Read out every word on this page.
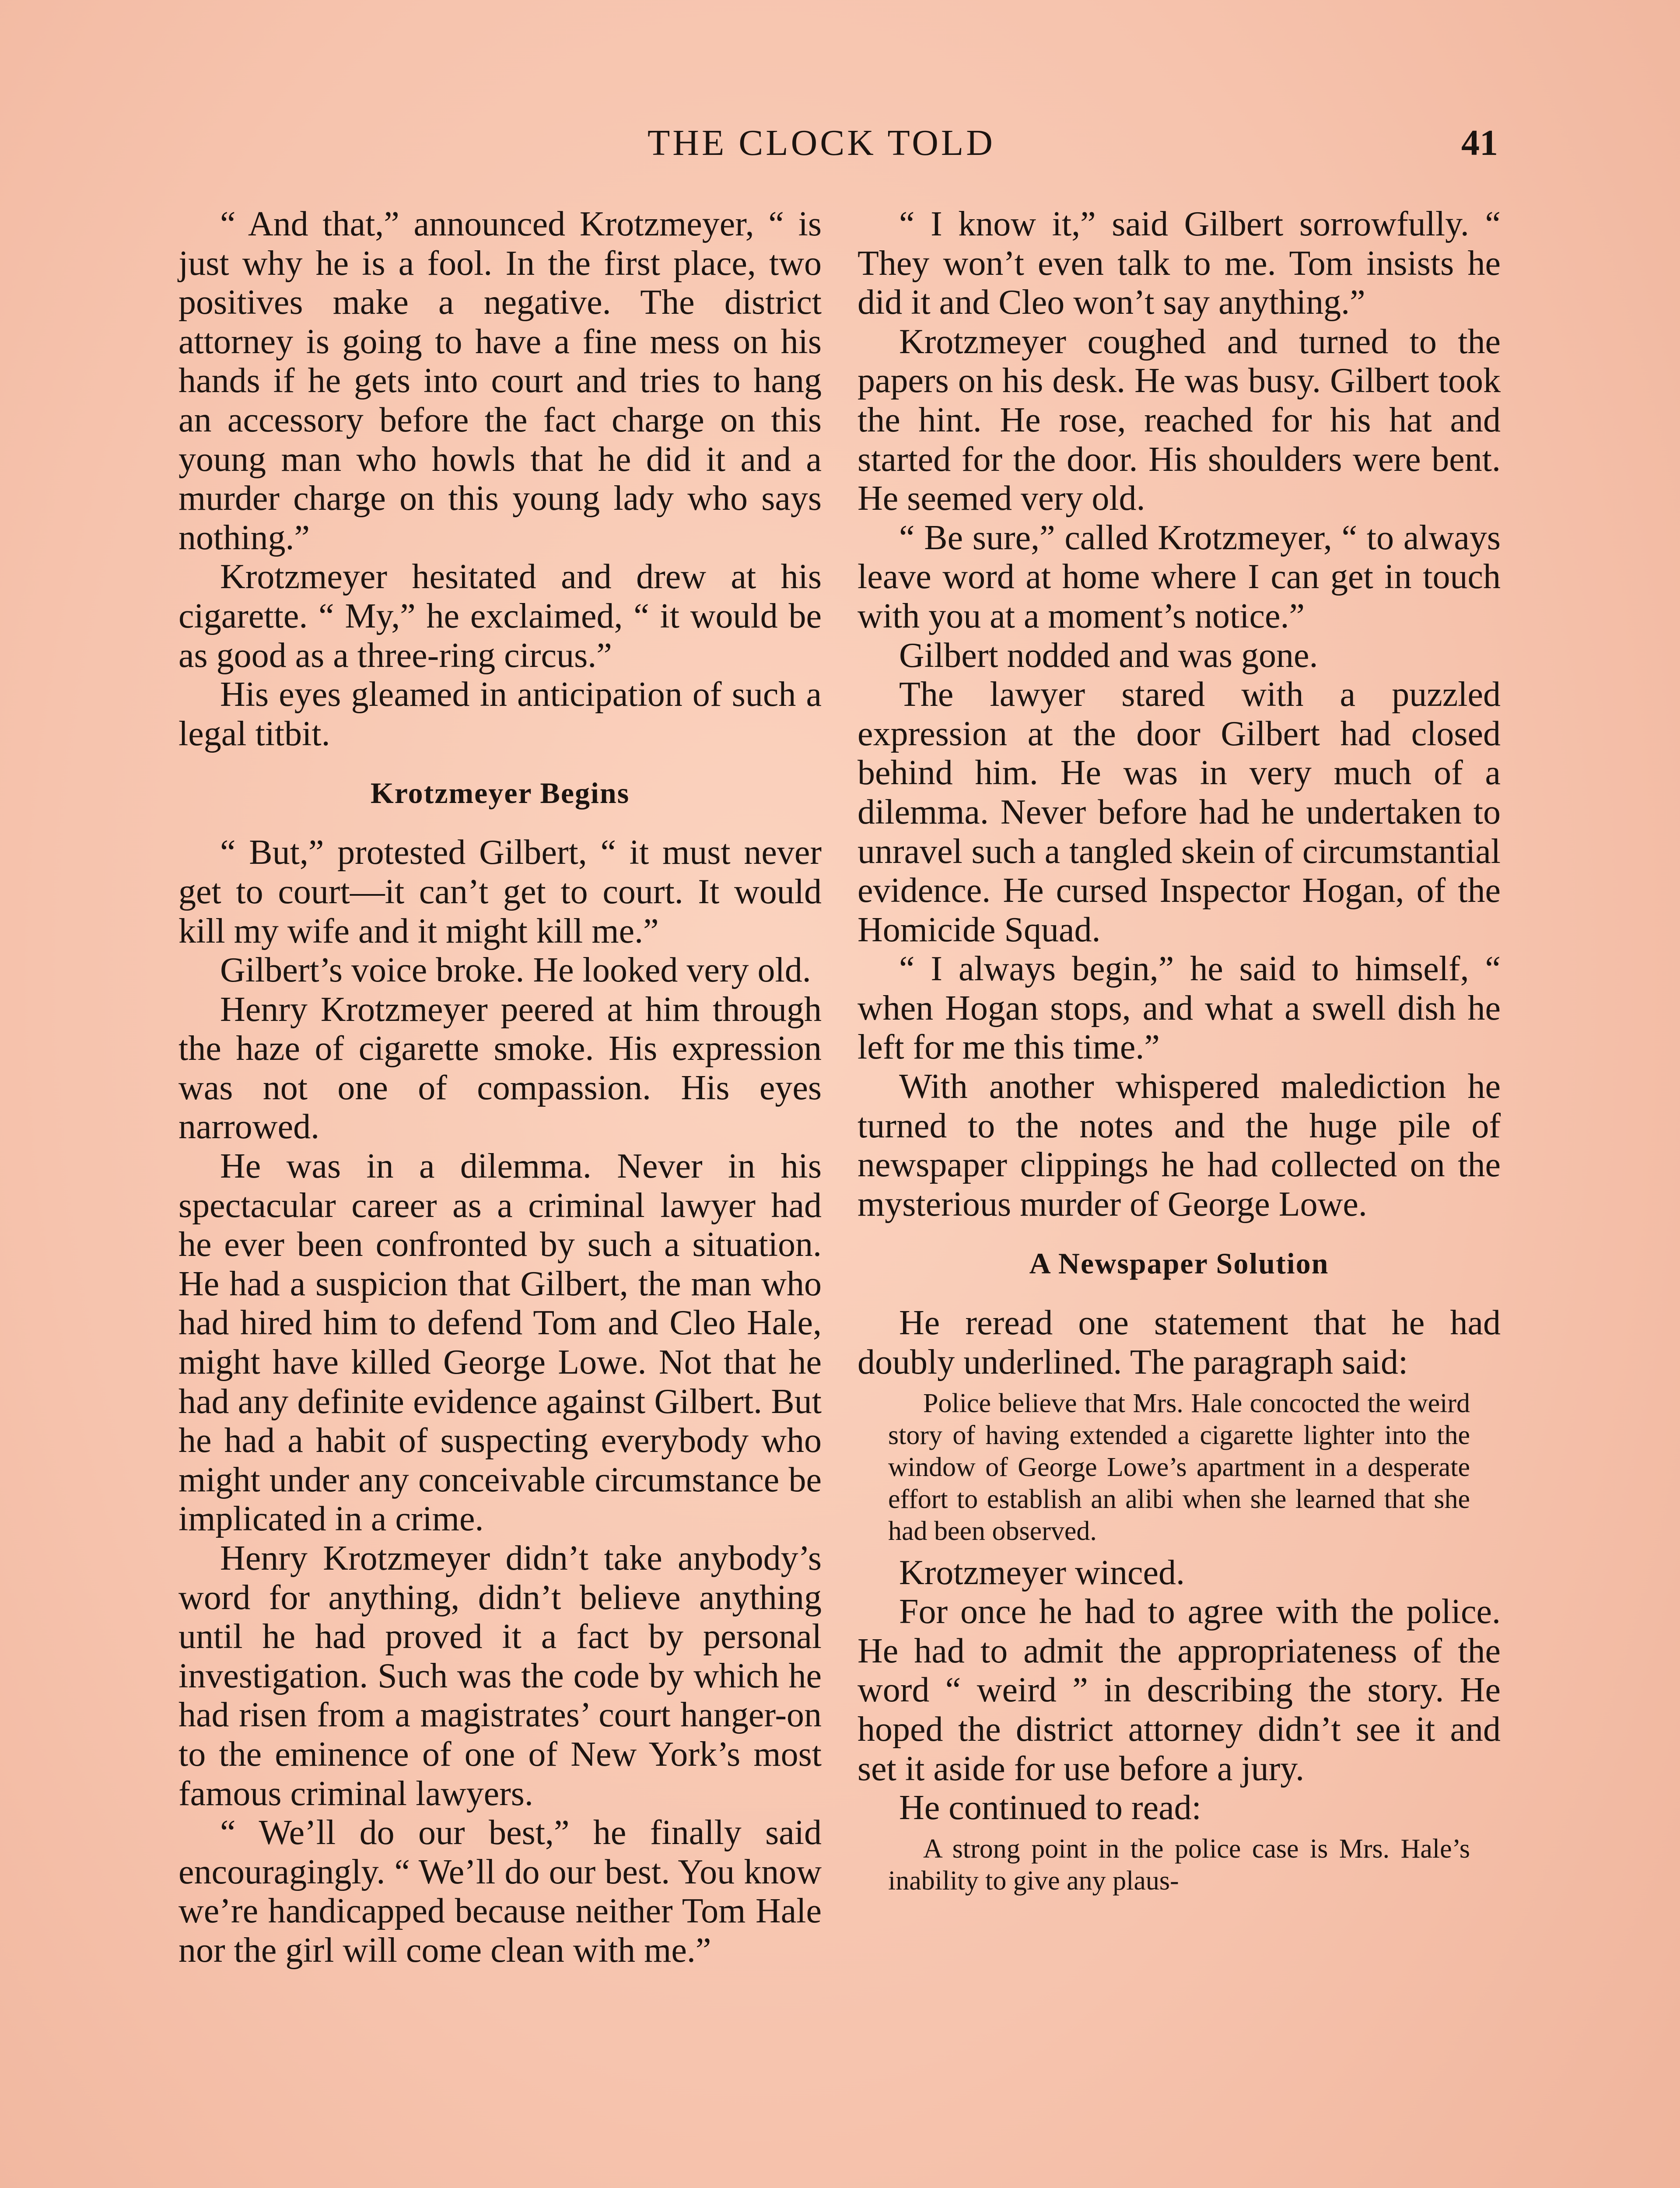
THE CLOCK TOLD	41

“ And that,” announced Krotzmeyer, “ is just why he is a fool. In the first place, two positives make a negative. The district attorney is going to have a fine mess on his hands if he gets into court and tries to hang an accessory before the fact charge on this young man who howls that he did it and a murder charge on this young lady who says nothing.”

Krotzmeyer hesitated and drew at his cigarette. “ My,” he exclaimed, “ it would be as good as a three-ring circus.”

His eyes gleamed in anticipation of such a legal titbit.

Krotzmeyer Begins

“ But,” protested Gilbert, “ it must never get to court—it can’t get to court. It would kill my wife and it might kill me.”

Gilbert’s voice broke. He looked very old.

Henry Krotzmeyer peered at him through the haze of cigarette smoke. His expression was not one of compassion. His eyes narrowed.

He was in a dilemma. Never in his spectacular career as a criminal lawyer had he ever been confronted by such a situation. He had a suspicion that Gilbert, the man who had hired him to defend Tom and Cleo Hale, might have killed George Lowe. Not that he had any definite evidence against Gilbert. But he had a habit of suspecting everybody who might under any conceivable circumstance be implicated in a crime.

Henry Krotzmeyer didn’t take anybody’s word for anything, didn’t believe anything until he had proved it a fact by personal investigation. Such was the code by which he had risen from a magistrates’ court hanger-on to the eminence of one of New York’s most famous criminal lawyers.

“ We’ll do our best,” he finally said encouragingly. “ We’ll do our best. You know we’re handicapped because neither Tom Hale nor the girl will come clean with me.”

“ I know it,” said Gilbert sorrowfully. “ They won’t even talk to me. Tom insists he did it and Cleo won’t say anything.”

Krotzmeyer coughed and turned to the papers on his desk. He was busy. Gilbert took the hint. He rose, reached for his hat and started for the door. His shoulders were bent. He seemed very old.

“ Be sure,” called Krotzmeyer, “ to always leave word at home where I can get in touch with you at a moment’s notice.”

Gilbert nodded and was gone.

The lawyer stared with a puzzled expression at the door Gilbert had closed behind him. He was in very much of a dilemma. Never before had he undertaken to unravel such a tangled skein of circumstantial evidence. He cursed Inspector Hogan, of the Homicide Squad.

“ I always begin,” he said to himself, “ when Hogan stops, and what a swell dish he left for me this time.”

With another whispered malediction he turned to the notes and the huge pile of newspaper clippings he had collected on the mysterious murder of George Lowe.

A Newspaper Solution

He reread one statement that he had doubly underlined. The paragraph said:

Police believe that Mrs. Hale concocted the weird story of having extended a cigarette lighter into the window of George Lowe’s apartment in a desperate effort to establish an alibi when she learned that she had been observed.

Krotzmeyer winced.

For once he had to agree with the police. He had to admit the appropriateness of the word “ weird ” in describing the story. He hoped the district attorney didn’t see it and set it aside for use before a jury.

He continued to read:

A strong point in the police case is Mrs. Hale’s inability to give any plaus-
